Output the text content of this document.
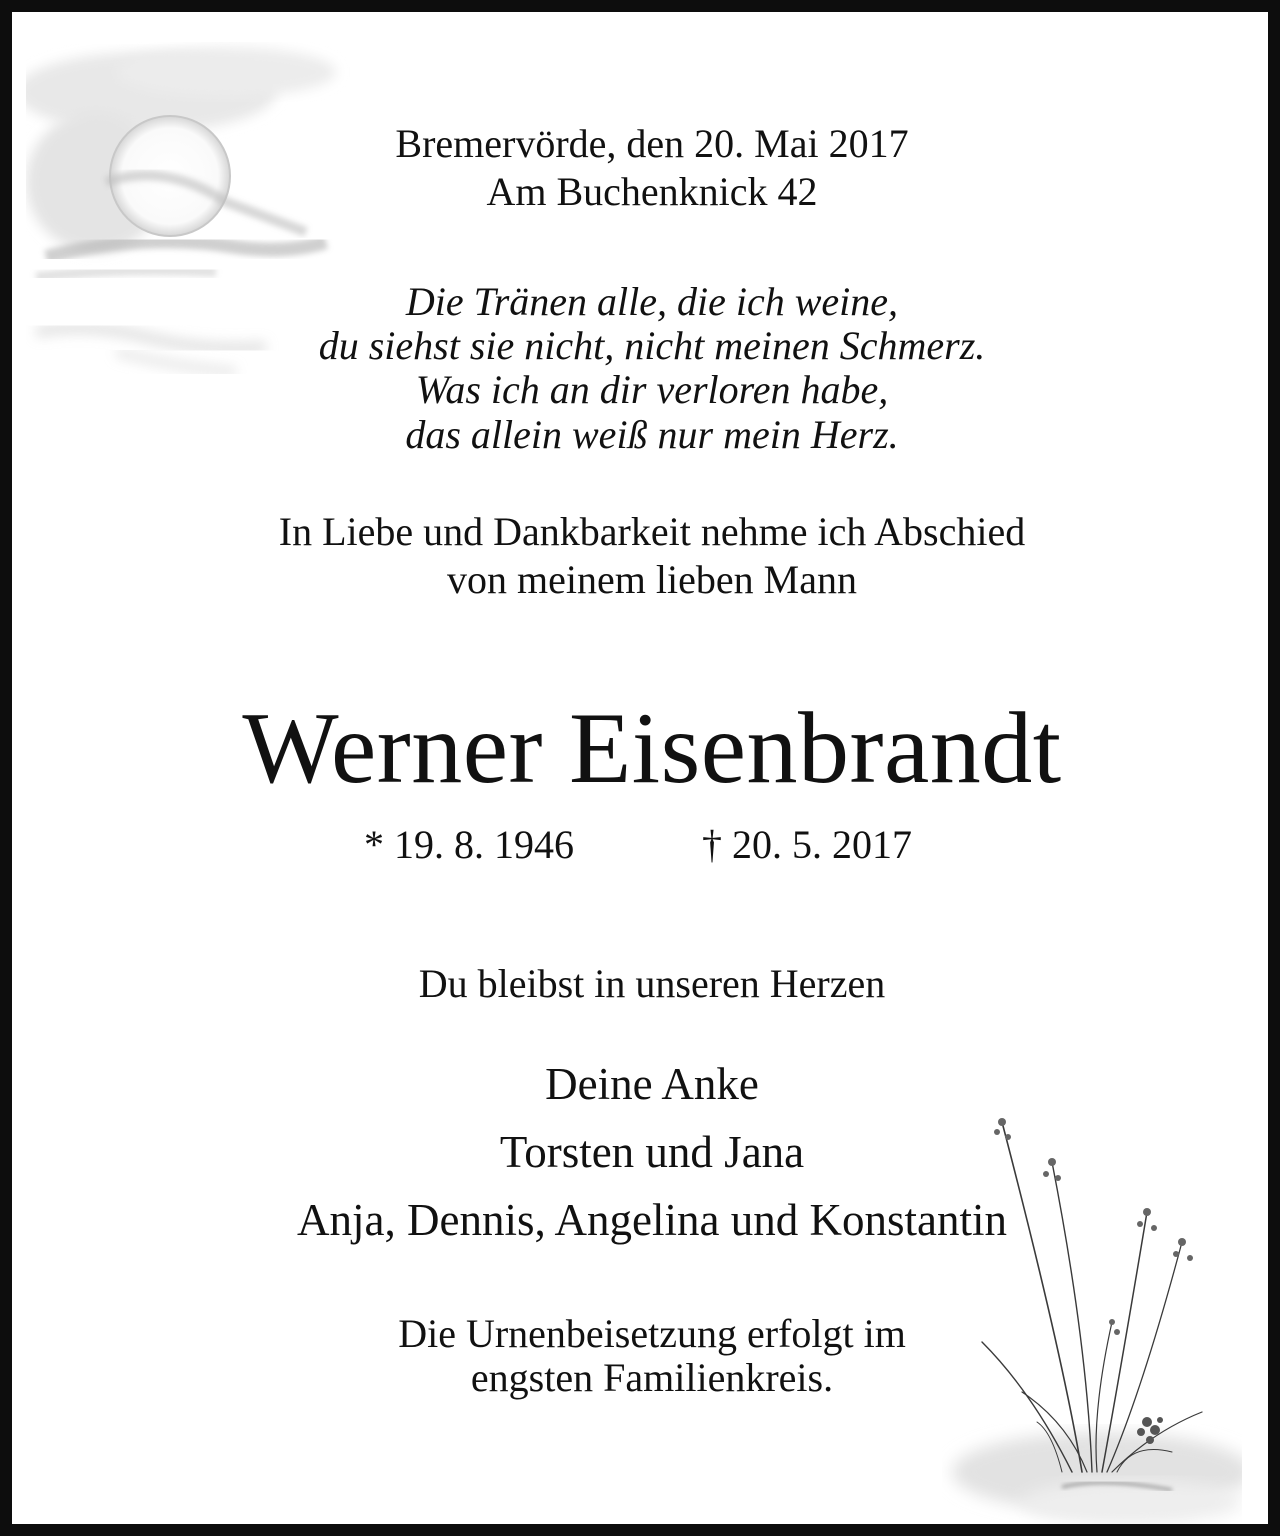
Bremervörde, den 20. Mai 2017
Am Buchenknick 42
Die Tränen alle, die ich weine,
du siehst sie nicht, nicht meinen Schmerz.
Was ich an dir verloren habe,
das allein weiß nur mein Herz.
In Liebe und Dankbarkeit nehme ich Abschied
von meinem lieben Mann
Werner Eisenbrandt
* 19. 8. 1946	† 20. 5. 2017
Du bleibst in unseren Herzen
Deine Anke
Torsten und Jana
Anja, Dennis, Angelina und Konstantin
Die Urnenbeisetzung erfolgt im
engsten Familienkreis.
